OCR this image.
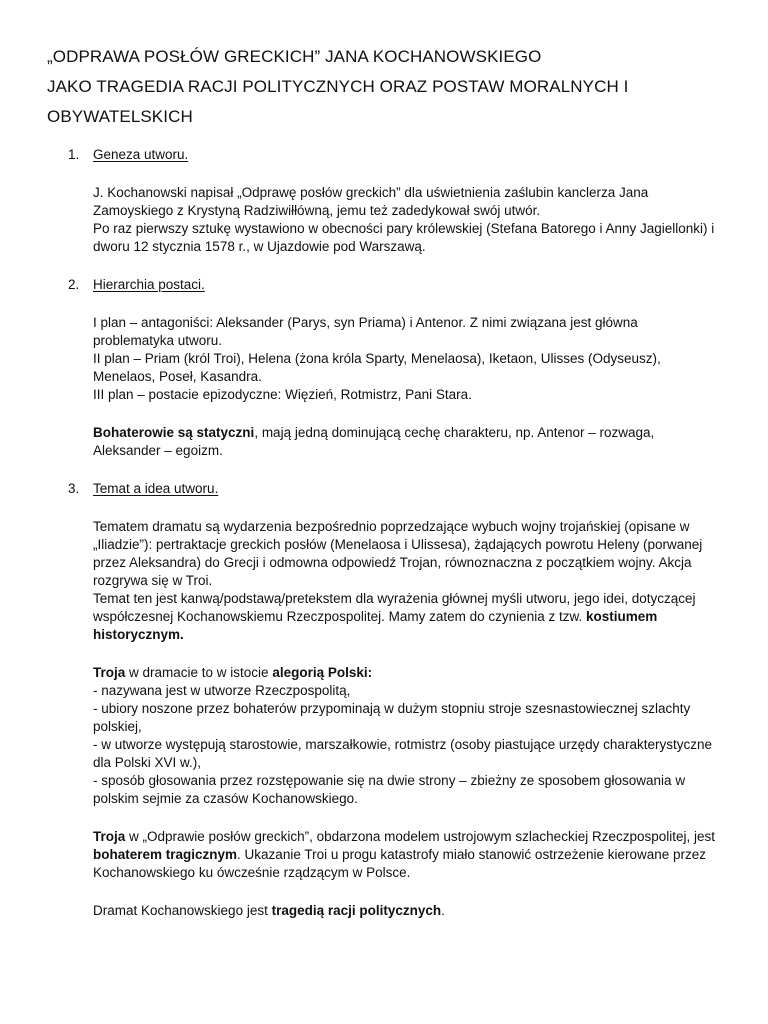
„ODPRAWA POSŁÓW GRECKICH” JANA KOCHANOWSKIEGO
JAKO TRAGEDIA RACJI POLITYCZNYCH ORAZ POSTAW MORALNYCH I
OBYWATELSKICH
1. Geneza utworu.

J. Kochanowski napisał „Odprawę posłów greckich” dla uświetnienia zaślubin kanclerza Jana Zamoyskiego z Krystyną Radziwiłłówną, jemu też zadedykował swój utwór.
Po raz pierwszy sztukę wystawiono w obecności pary królewskiej (Stefana Batorego i Anny Jagiellonki) i dworu 12 stycznia 1578 r., w Ujazdowie pod Warszawą.

2. Hierarchia postaci.

I plan – antagoniści: Aleksander (Parys, syn Priama) i Antenor. Z nimi związana jest główna problematyka utworu.
II plan – Priam (król Troi), Helena (żona króla Sparty, Menelaosa), Iketaon, Ulisses (Odyseusz), Menelaos, Poseł, Kasandra.
III plan – postacie epizodyczne: Więzień, Rotmistrz, Pani Stara.

Bohaterowie są statyczni, mają jedną dominującą cechę charakteru, np. Antenor – rozwaga, Aleksander – egoizm.

3. Temat a idea utworu.

Tematem dramatu są wydarzenia bezpośrednio poprzedzające wybuch wojny trojańskiej (opisane w „Iliadzie”): pertraktacje greckich posłów (Menelaosa i Ulissesa), żądających powrotu Heleny (porwanej przez Aleksandra) do Grecji i odmowna odpowiedź Trojan, równoznaczna z początkiem wojny. Akcja rozgrywa się w Troi.
Temat ten jest kanwą/podstawą/pretekstem dla wyrażenia głównej myśli utworu, jego idei, dotyczącej współczesnej Kochanowskiemu Rzeczpospolitej. Mamy zatem do czynienia z tzw. kostiumem historycznym.

Troja w dramacie to w istocie alegorią Polski:
- nazywana jest w utworze Rzeczpospolitą,
- ubiory noszone przez bohaterów przypominają w dużym stopniu stroje szesnastowiecznej szlachty polskiej,
- w utworze występują starostowie, marszałkowie, rotmistrz (osoby piastujące urzędy charakterystyczne dla Polski XVI w.),
- sposób głosowania przez rozstępowanie się na dwie strony – zbieżny ze sposobem głosowania w polskim sejmie za czasów Kochanowskiego.

Troja w „Odprawie posłów greckich”, obdarzona modelem ustrojowym szlacheckiej Rzeczpospolitej, jest bohaterem tragicznym. Ukazanie Troi u progu katastrofy miało stanowić ostrzeżenie kierowane przez Kochanowskiego ku ówcześnie rządzącym w Polsce.

Dramat Kochanowskiego jest tragedią racji politycznych.
